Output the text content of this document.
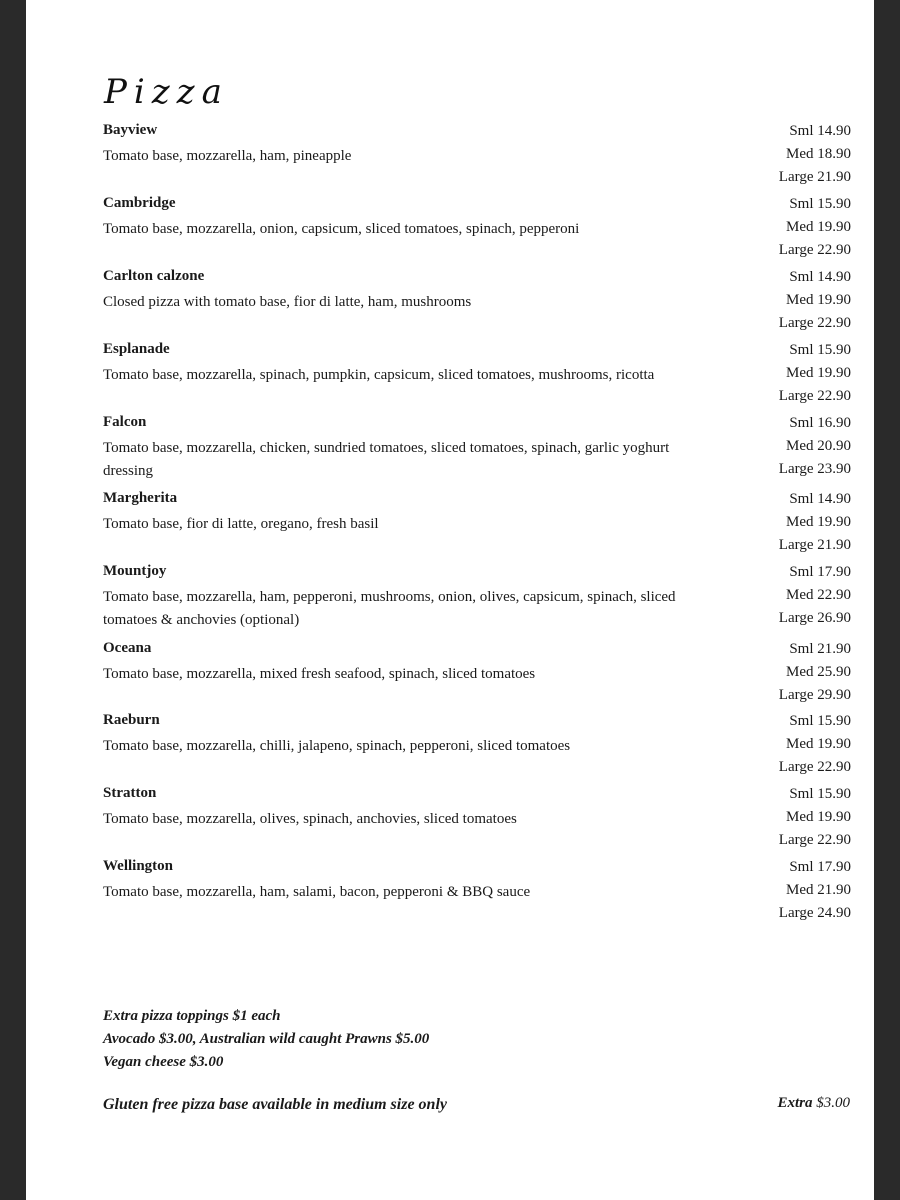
Pizza
Bayview
Tomato base, mozzarella, ham, pineapple
Sml 14.90
Med 18.90
Large 21.90
Cambridge
Tomato base, mozzarella, onion, capsicum, sliced tomatoes, spinach, pepperoni
Sml 15.90
Med 19.90
Large 22.90
Carlton calzone
Closed pizza with tomato base, fior di latte, ham, mushrooms
Sml 14.90
Med 19.90
Large 22.90
Esplanade
Tomato base, mozzarella, spinach, pumpkin, capsicum, sliced tomatoes, mushrooms, ricotta
Sml 15.90
Med 19.90
Large 22.90
Falcon
Tomato base, mozzarella, chicken, sundried tomatoes, sliced tomatoes, spinach, garlic yoghurt dressing
Sml 16.90
Med 20.90
Large 23.90
Margherita
Tomato base, fior di latte, oregano, fresh basil
Sml 14.90
Med 19.90
Large 21.90
Mountjoy
Tomato base, mozzarella, ham, pepperoni, mushrooms, onion, olives, capsicum, spinach, sliced tomatoes & anchovies (optional)
Sml 17.90
Med 22.90
Large 26.90
Oceana
Tomato base, mozzarella, mixed fresh seafood, spinach, sliced tomatoes
Sml 21.90
Med 25.90
Large 29.90
Raeburn
Tomato base, mozzarella, chilli, jalapeno, spinach, pepperoni, sliced tomatoes
Sml 15.90
Med 19.90
Large 22.90
Stratton
Tomato base, mozzarella, olives, spinach, anchovies, sliced tomatoes
Sml 15.90
Med 19.90
Large 22.90
Wellington
Tomato base, mozzarella, ham, salami, bacon, pepperoni & BBQ sauce
Sml 17.90
Med 21.90
Large 24.90
Extra pizza toppings $1 each
Avocado $3.00, Australian wild caught Prawns $5.00
Vegan cheese $3.00
Gluten free pizza base available in medium size only	Extra $3.00
